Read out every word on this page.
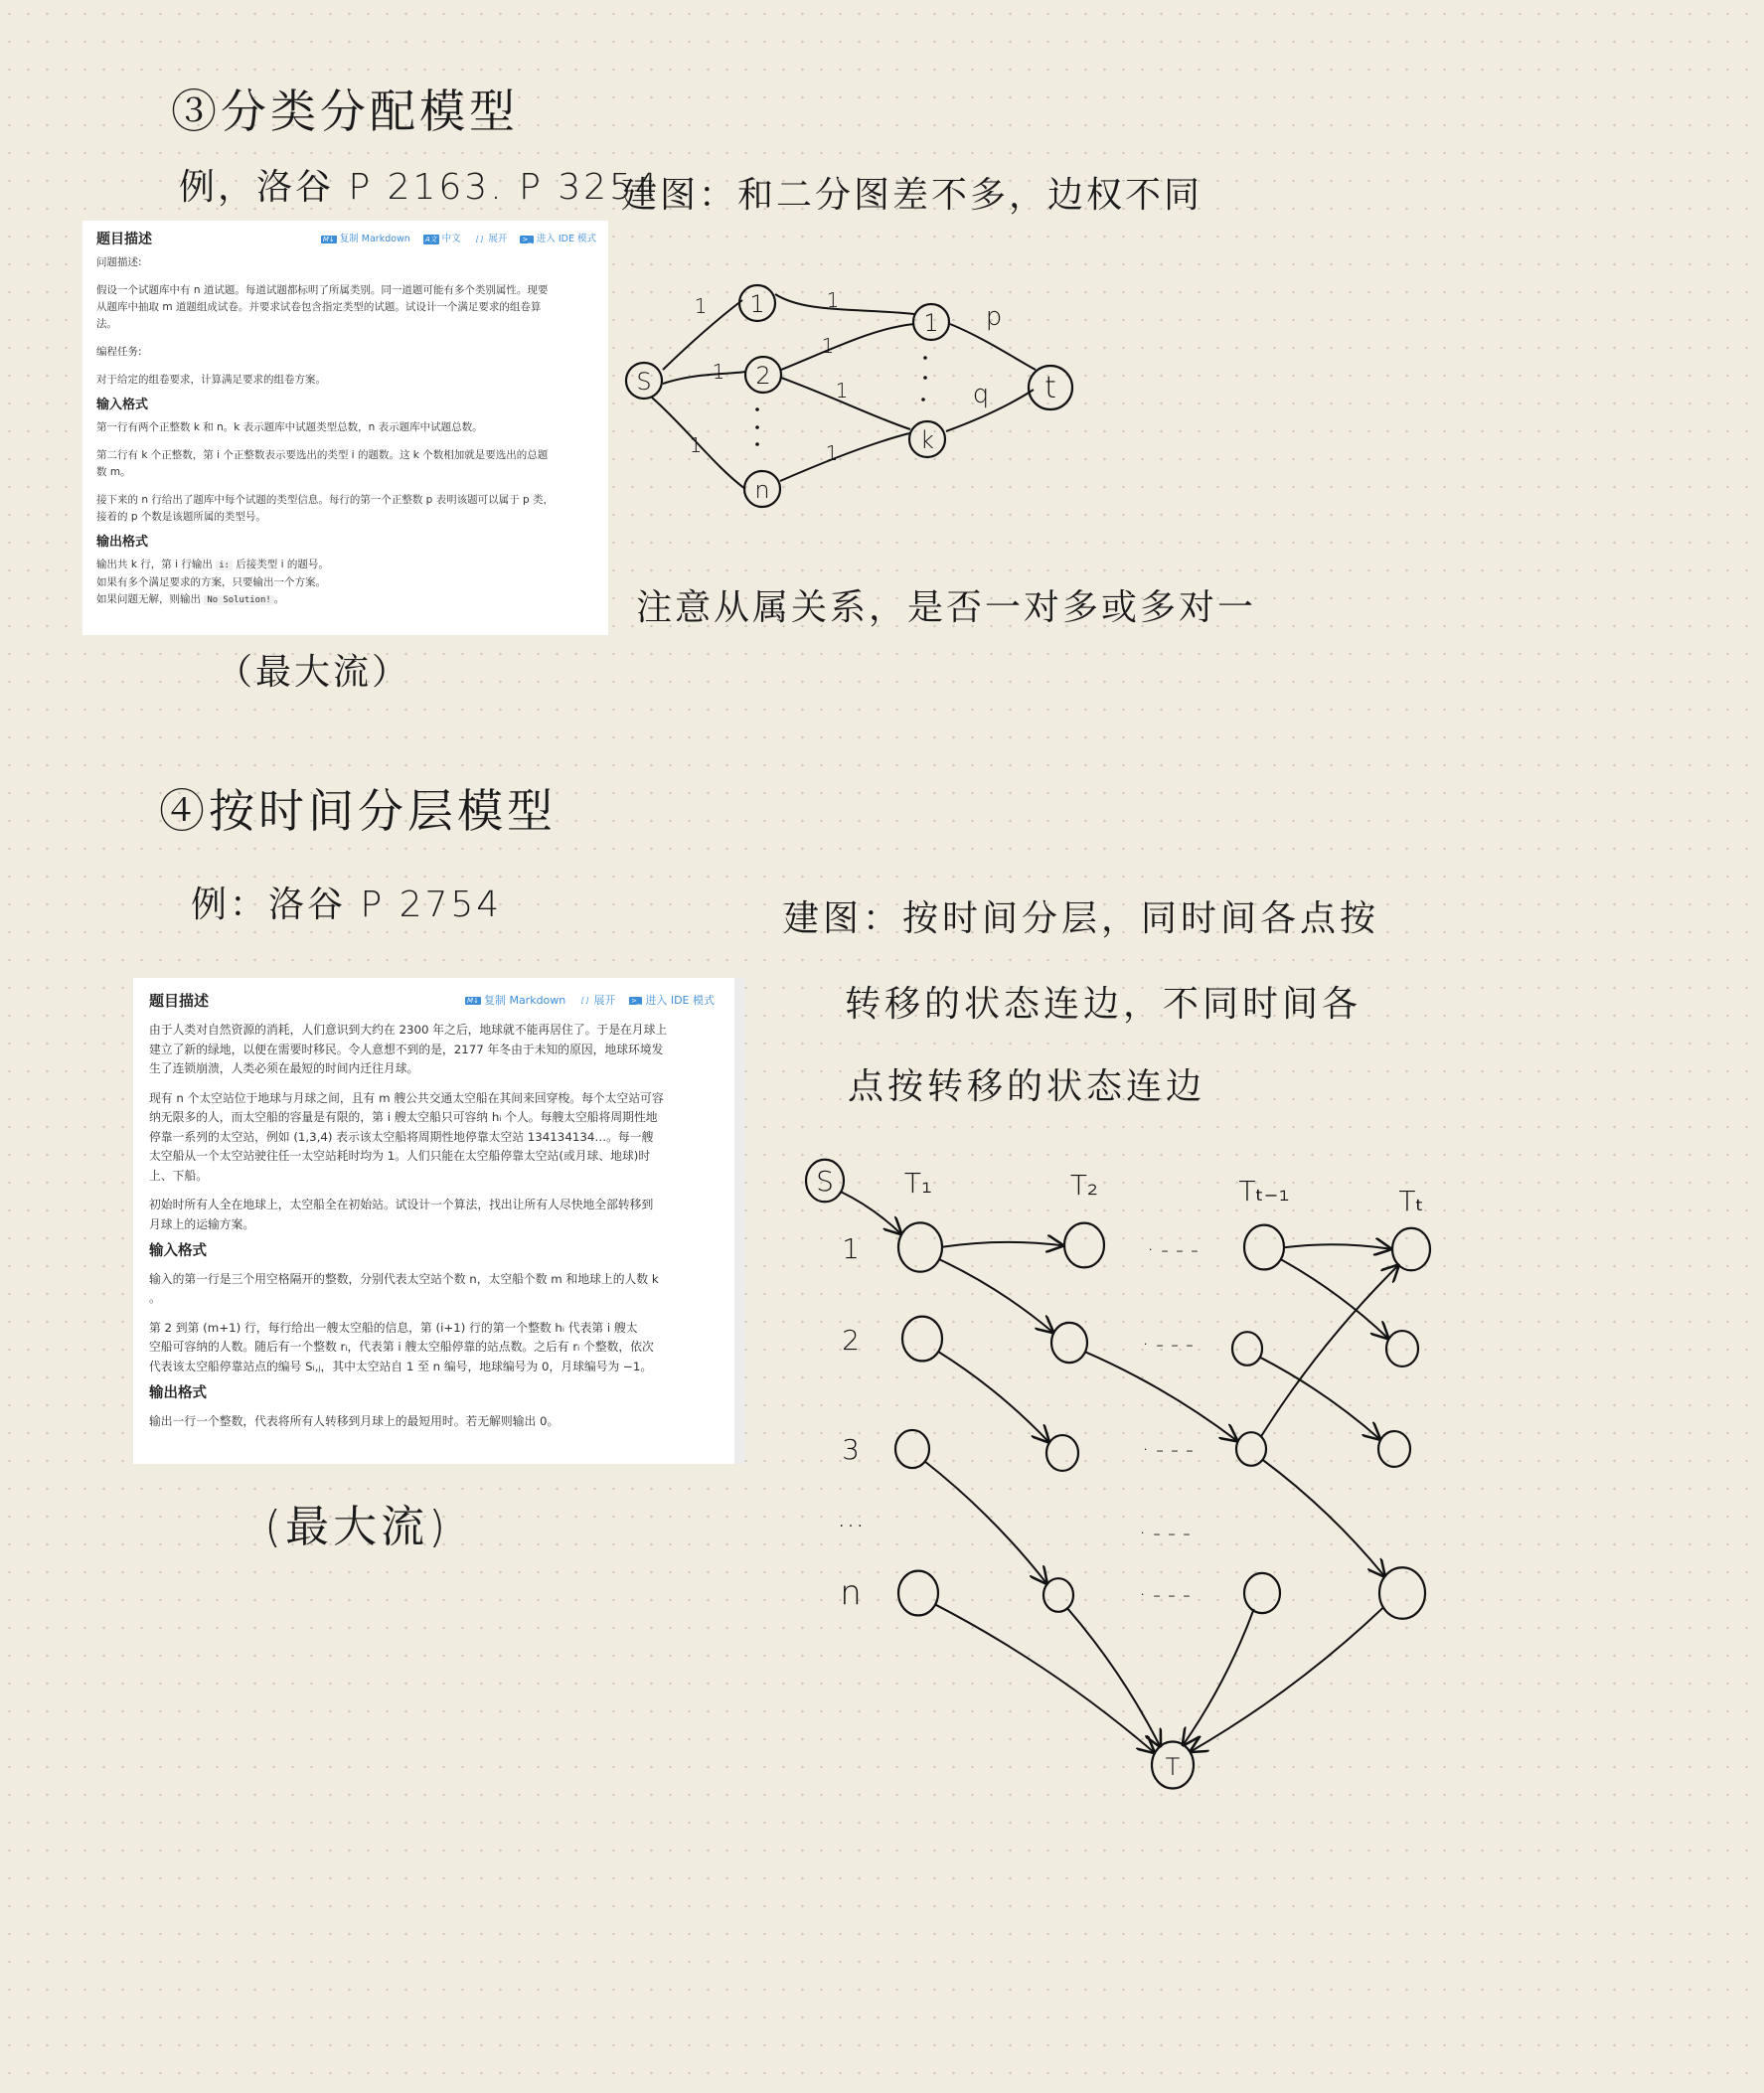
③分类分配模型
例，洛谷 P 2163. P 3254
建图：和二分图差不多，边权不同
题目描述	M↓ 复制 Markdown A文 中文 [ ] 展开 >_ 进入 IDE 模式

问题描述:

假设一个试题库中有 n 道试题。每道试题都标明了所属类别。同一道题可能有多个类别属性。现要

从题库中抽取 m 道题组成试卷。并要求试卷包含指定类型的试题。试设计一个满足要求的组卷算

法。

编程任务:

对于给定的组卷要求，计算满足要求的组卷方案。

输入格式

第一行有两个正整数 k 和 n。k 表示题库中试题类型总数，n 表示题库中试题总数。

第二行有 k 个正整数，第 i 个正整数表示要选出的类型 i 的题数。这 k 个数相加就是要选出的总题

数 m。

接下来的 n 行给出了题库中每个试题的类型信息。每行的第一个正整数 p 表明该题可以属于 p 类，

接着的 p 个数是该题所属的类型号。

输出格式

输出共 k 行，第 i 行输出 i: 后接类型 i 的题号。

如果有多个满足要求的方案，只要输出一个方案。

如果问题无解，则输出 No Solution! 。

（最大流）
注意从属关系，是否一对多或多对一
S
1
2
n
1
k
t
1
1
1
1
1
1
1
p
q
④按时间分层模型
例：洛谷 P 2754	建图：按时间分层，同时间各点按
转移的状态连边，不同时间各
点按转移的状态连边
题目描述	M↓ 复制 Markdown [ ] 展开 >_ 进入 IDE 模式

由于人类对自然资源的消耗，人们意识到大约在 2300 年之后，地球就不能再居住了。于是在月球上

建立了新的绿地，以便在需要时移民。令人意想不到的是，2177 年冬由于未知的原因，地球环境发

生了连锁崩溃，人类必须在最短的时间内迁往月球。

现有 n 个太空站位于地球与月球之间，且有 m 艘公共交通太空船在其间来回穿梭。每个太空站可容

纳无限多的人，而太空船的容量是有限的，第 i 艘太空船只可容纳 hᵢ 个人。每艘太空船将周期性地

停靠一系列的太空站，例如 (1,3,4) 表示该太空船将周期性地停靠太空站 134134134…。每一艘

太空船从一个太空站驶往任一太空站耗时均为 1。人们只能在太空船停靠太空站(或月球、地球)时

上、下船。

初始时所有人全在地球上，太空船全在初始站。试设计一个算法，找出让所有人尽快地全部转移到

月球上的运输方案。

输入格式

输入的第一行是三个用空格隔开的整数，分别代表太空站个数 n，太空船个数 m 和地球上的人数 k

。

第 2 到第 (m+1) 行，每行给出一艘太空船的信息，第 (i+1) 行的第一个整数 hᵢ 代表第 i 艘太

空船可容纳的人数。随后有一个整数 rᵢ，代表第 i 艘太空船停靠的站点数。之后有 rᵢ 个整数，依次

代表该太空船停靠站点的编号 Sᵢ,ⱼ，其中太空站自 1 至 n 编号，地球编号为 0，月球编号为 −1。

输出格式

输出一行一个整数，代表将所有人转移到月球上的最短用时。若无解则输出 0。

(最大流)
S
T
T₁	T₂	Tₜ₋₁	Tₜ
1
2
3
…
n
· - - -
· - - -
· - - -
· - - -
· - - -
